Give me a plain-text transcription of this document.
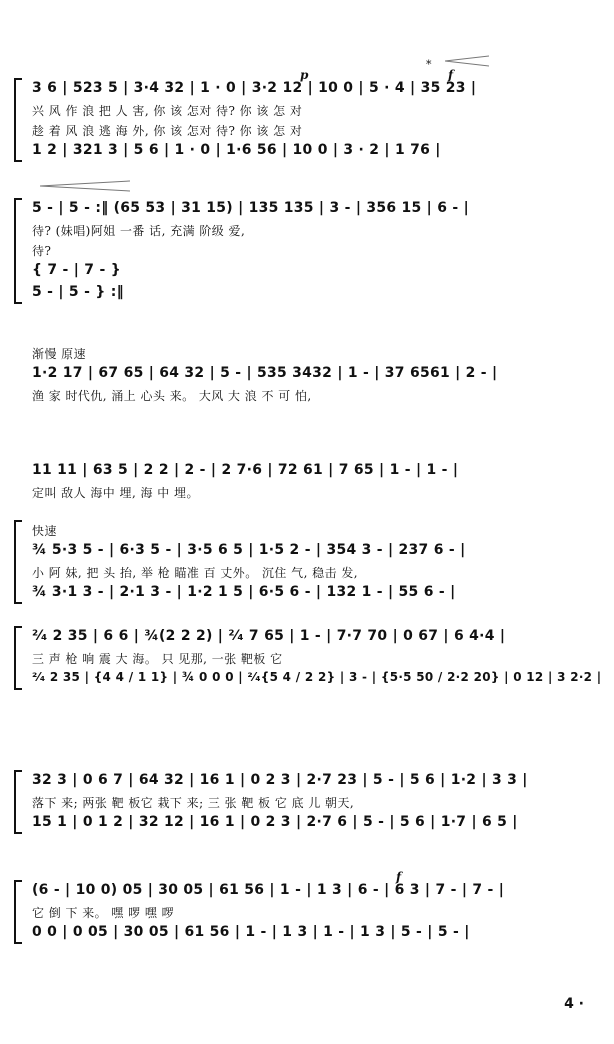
3 6 | 523 5 | 3·4 32 | 1 · 0 | 3·2 12 | 10 0 | 5 · 4 | 35 23 |
兴 风 作 浪 把 人 害, 你 该 怎对 待? 你 该 怎 对
趁 着 风 浪 逃 海 外, 你 该 怎对 待? 你 该 怎 对
1 2 | 321 3 | 5 6 | 1 · 0 | 1·6 56 | 10 0 | 3 · 2 | 1 76 |
5 - | 5 - :‖ (65 53 | 31 15) | 135 135 | 3 - | 356 15 | 6 - |
待? (妹唱)阿姐 一番 话, 充满 阶级 爱,
待?
{ 7 - | 7 - }
5 - | 5 - } :‖
渐慢 原速
1·2 17 | 67 65 | 64 32 | 5 - | 535 3432 | 1 - | 37 6561 | 2 - |
渔 家 时代仇, 涌上 心头 来。 大风 大 浪 不 可 怕,
11 11 | 63 5 | 2 2 | 2 - | 2 7·6 | 72 61 | 7 65 | 1 - | 1 - |
定叫 敌人 海中 埋, 海 中 埋。
快速
¾ 5·3 5 - | 6·3 5 - | 3·5 6 5 | 1·5 2 - | 354 3 - | 237 6 - |
小 阿 妹, 把 头 抬, 举 枪 瞄准 百 丈外。 沉住 气, 稳击 发,
¾ 3·1 3 - | 2·1 3 - | 1·2 1 5 | 6·5 6 - | 132 1 - | 55 6 - |
²⁄₄ 2 35 | 6 6 | ¾(2 2 2) | ²⁄₄ 7 65 | 1 - | 7·7 70 | 0 67 | 6 4·4 |
三 声 枪 响 震 大 海。 只 见那, 一张 靶板 它
²⁄₄ 2 35 | {4 4 / 1 1} | ¾ 0 0 0 | ²⁄₄{5 4 / 2 2} | 3 - | {5·5 50 / 2·2 20} | 0 12 | 3 2·2 |
32 3 | 0 6 7 | 64 32 | 16 1 | 0 2 3 | 2·7 23 | 5 - | 5 6 | 1·2 | 3 3 |
落下 来; 两张 靶 板它 栽下 来; 三 张 靶 板 它 底 儿 朝天,
15 1 | 0 1 2 | 32 12 | 16 1 | 0 2 3 | 2·7 6 | 5 - | 5 6 | 1·7 | 6 5 |
(6 - | 10 0) 05 | 30 05 | 61 56 | 1 - | 1 3 | 6 - | 6 3 | 7 - | 7 - |
它 倒 下 来。 嘿 啰 嘿 啰
0 0 | 0 05 | 30 05 | 61 56 | 1 - | 1 3 | 1 - | 1 3 | 5 - | 5 - |
4 ·
p	f
*
f
